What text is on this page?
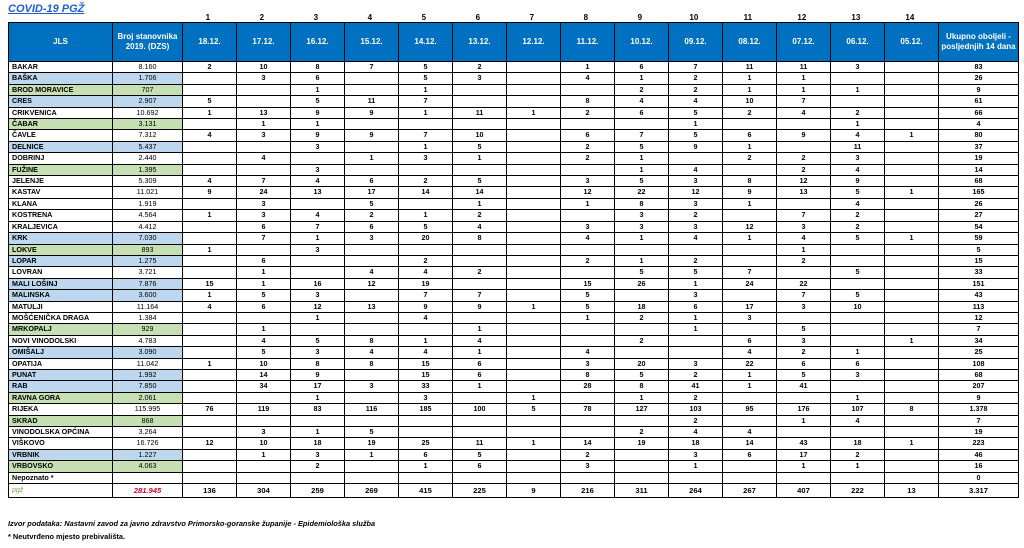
COVID-19 PGŽ
1	2	3	4	5	6	7	8	9	10	11	12	13	14
JLS	Broj stanovnika 2019. (DZS)	18.12.	17.12.	16.12.	15.12.	14.12.	13.12.	12.12.	11.12.	10.12.	09.12.	08.12.	07.12.	06.12.	05.12.	Ukupno oboljeli - posljednjih 14 dana
BAKAR	8.160	2	10	8	7	5	2		1	6	7	11	11	3		83
BAŠKA	1.706		3	6		5	3		4	1	2	1	1			26
BROD MORAVICE	707			1		1				2	2	1	1	1		9
CRES	2.907	5		5	11	7			8	4	4	10	7			61
CRIKVENICA	10.692	1	13	9	9	1	11	1	2	6	5	2	4	2		66
ČABAR	3.131		1	1							1			1		4
ČAVLE	7.312	4	3	9	9	7	10		6	7	5	6	9	4	1	80
DELNICE	5.437			3		1	5		2	5	9	1		11		37
DOBRINJ	2.440		4		1	3	1		2	1		2	2	3		19
FUŽINE	1.395			3						1	4		2	4		14
JELENJE	5.309	4	7	4	6	2	5		3	5	3	8	12	9		68
KASTAV	11.021	9	24	13	17	14	14		12	22	12	9	13	5	1	165
KLANA	1.919		3		5		1		1	8	3	1		4		26
KOSTRENA	4.564	1	3	4	2	1	2			3	2		7	2		27
KRALJEVICA	4.412		6	7	6	5	4		3	3	3	12	3	2		54
KRK	7.030		7	1	3	20	8		4	1	4	1	4	5	1	59
LOKVE	893	1		3									1			5
LOPAR	1.275		6			2			2	1	2		2			15
LOVRAN	3.721		1		4	4	2			5	5	7		5		33
MALI LOŠINJ	7.876	15	1	16	12	19			15	26	1	24	22			151
MALINSKA	3.600	1	5	3		7	7		5		3		7	5		43
MATULJI	11.164	4	6	12	13	9	9	1	5	18	6	17	3	10		113
MOŠĆENIČKA DRAGA	1.384			1		4			1	2	1	3				12
MRKOPALJ	929		1				1				1		5			7
NOVI VINODOLSKI	4.783		4	5	8	1	4			2		6	3		1	34
OMIŠALJ	3.090		5	3	4	4	1		4			4	2	1		25
OPATIJA	11.042	1	10	8	8	15	6		3	20	3	22	6	6		108
PUNAT	1.992		14	9		15	6		8	5	2	1	5	3		68
RAB	7.850		34	17	3	33	1		28	8	41	1	41			207
RAVNA GORA	2.061			1		3		1		1	2			1		9
RIJEKA	115.995	76	119	83	116	185	100	5	78	127	103	95	176	107	8	1.378
SKRAD	868										2		1	4		7
VINODOLSKA OPĆINA	3.264		3	1	5					2	4	4				19
VIŠKOVO	16.726	12	10	18	19	25	11	1	14	19	18	14	43	18	1	223
VRBNIK	1.227		1	3	1	6	5		2		3	6	17	2		46
VRBOVSKO	4.063			2		1	6		3		1		1	1		16
Nepoznato *																0
pgž	281.945	136	304	259	269	415	225	9	216	311	264	267	407	222	13	3.317
Izvor podataka: Nastavni zavod za javno zdravstvo Primorsko-goranske županije - Epidemiološka služba
* Neutvrđeno mjesto prebivališta.
